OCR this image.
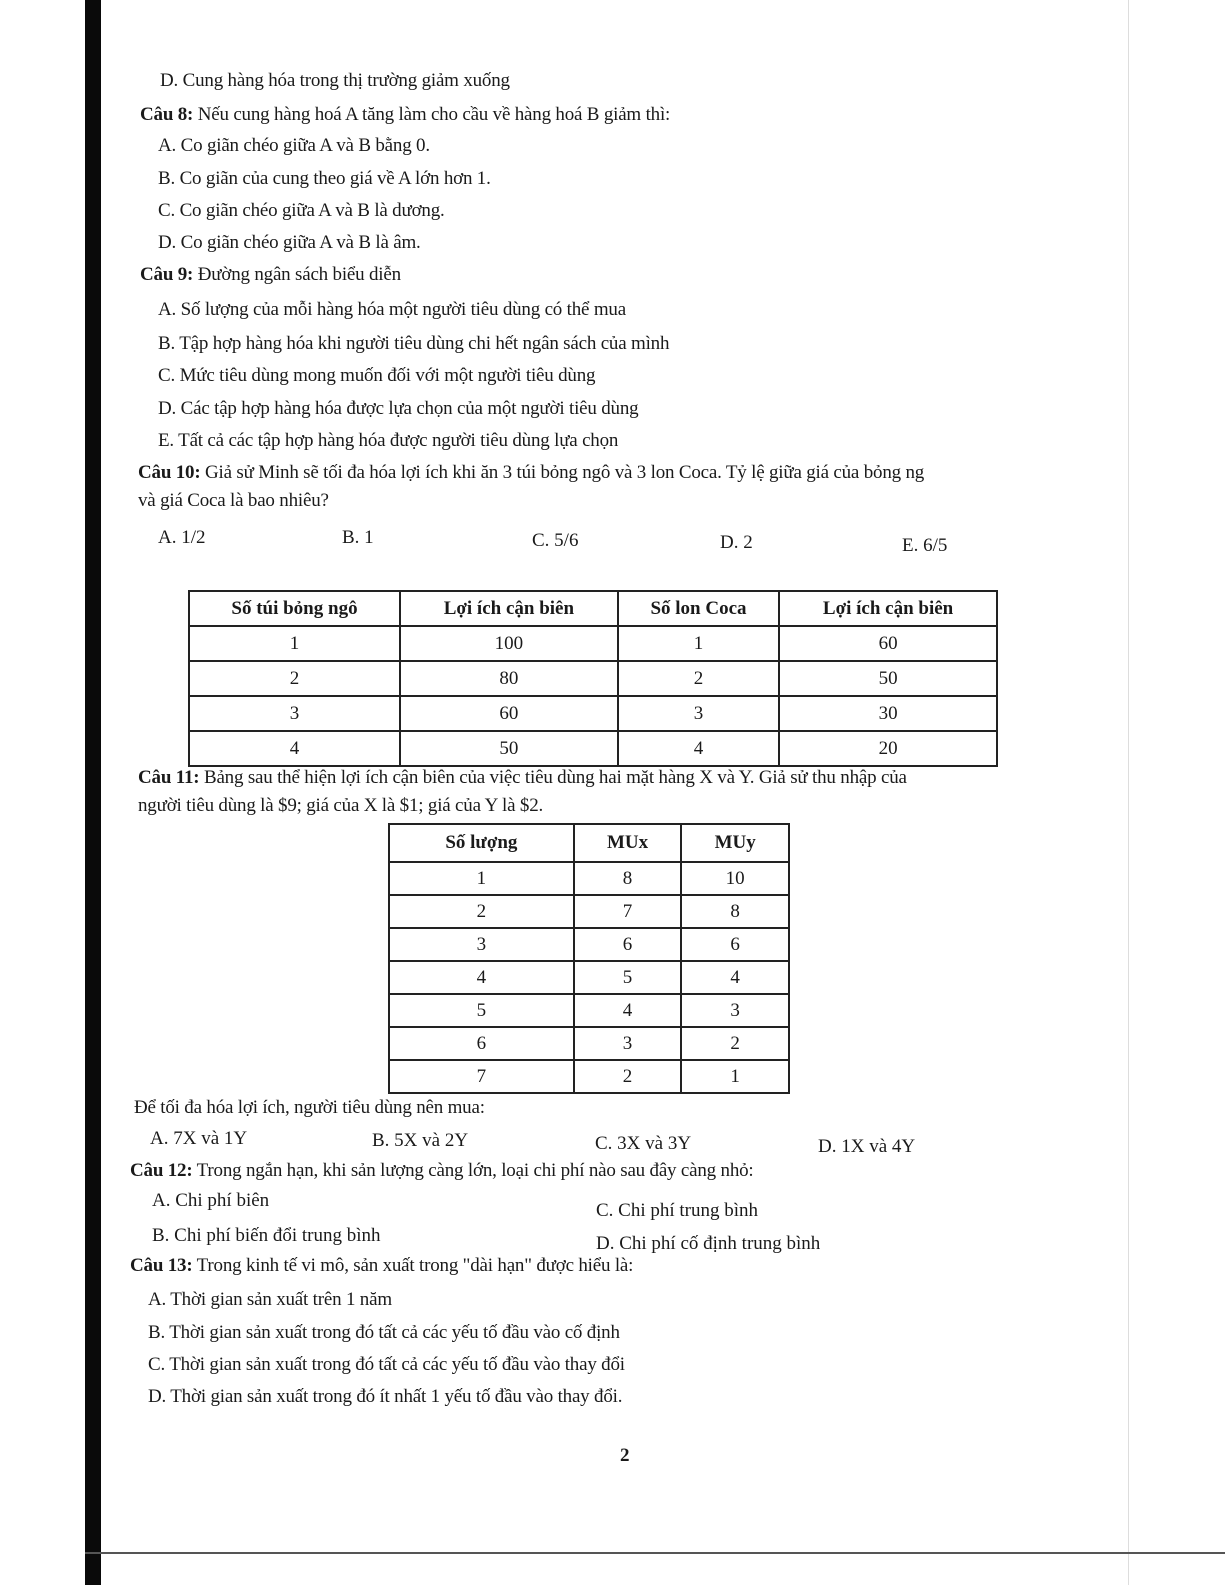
D. Cung hàng hóa trong thị trường giảm xuống
Câu 8: Nếu cung hàng hoá A tăng làm cho cầu về hàng hoá B giảm thì:
A. Co giãn chéo giữa A và B bằng 0.
B. Co giãn của cung theo giá về A lớn hơn 1.
C. Co giãn chéo giữa A và B là dương.
D. Co giãn chéo giữa A và B là âm.
Câu 9: Đường ngân sách biểu diễn
A. Số lượng của mỗi hàng hóa một người tiêu dùng có thể mua
B. Tập hợp hàng hóa khi người tiêu dùng chi hết ngân sách của mình
C. Mức tiêu dùng mong muốn đối với một người tiêu dùng
D. Các tập hợp hàng hóa được lựa chọn của một người tiêu dùng
E. Tất cả các tập hợp hàng hóa được người tiêu dùng lựa chọn
Câu 10: Giả sử Minh sẽ tối đa hóa lợi ích khi ăn 3 túi bỏng ngô và 3 lon Coca. Tỷ lệ giữa giá của bỏng ng
và giá Coca là bao nhiêu?
A. 1/2	B. 1	C. 5/6	D. 2	E. 6/5
Số túi bỏng ngô	Lợi ích cận biên	Số lon Coca	Lợi ích cận biên
1	100	1	60
2	80	2	50
3	60	3	30
4	50	4	20
Câu 11: Bảng sau thể hiện lợi ích cận biên của việc tiêu dùng hai mặt hàng X và Y. Giả sử thu nhập của
người tiêu dùng là $9; giá của X là $1; giá của Y là $2.
Số lượng	MUx	MUy
1	8	10
2	7	8
3	6	6
4	5	4
5	4	3
6	3	2
7	2	1
Để tối đa hóa lợi ích, người tiêu dùng nên mua:
A. 7X và 1Y	B. 5X và 2Y	C. 3X và 3Y	D. 1X và 4Y
Câu 12: Trong ngắn hạn, khi sản lượng càng lớn, loại chi phí nào sau đây càng nhỏ:
A. Chi phí biên	C. Chi phí trung bình
B. Chi phí biến đổi trung bình	D. Chi phí cố định trung bình
Câu 13: Trong kinh tế vi mô, sản xuất trong "dài hạn" được hiểu là:
A. Thời gian sản xuất trên 1 năm
B. Thời gian sản xuất trong đó tất cả các yếu tố đầu vào cố định
C. Thời gian sản xuất trong đó tất cả các yếu tố đầu vào thay đổi
D. Thời gian sản xuất trong đó ít nhất 1 yếu tố đầu vào thay đổi.
2
